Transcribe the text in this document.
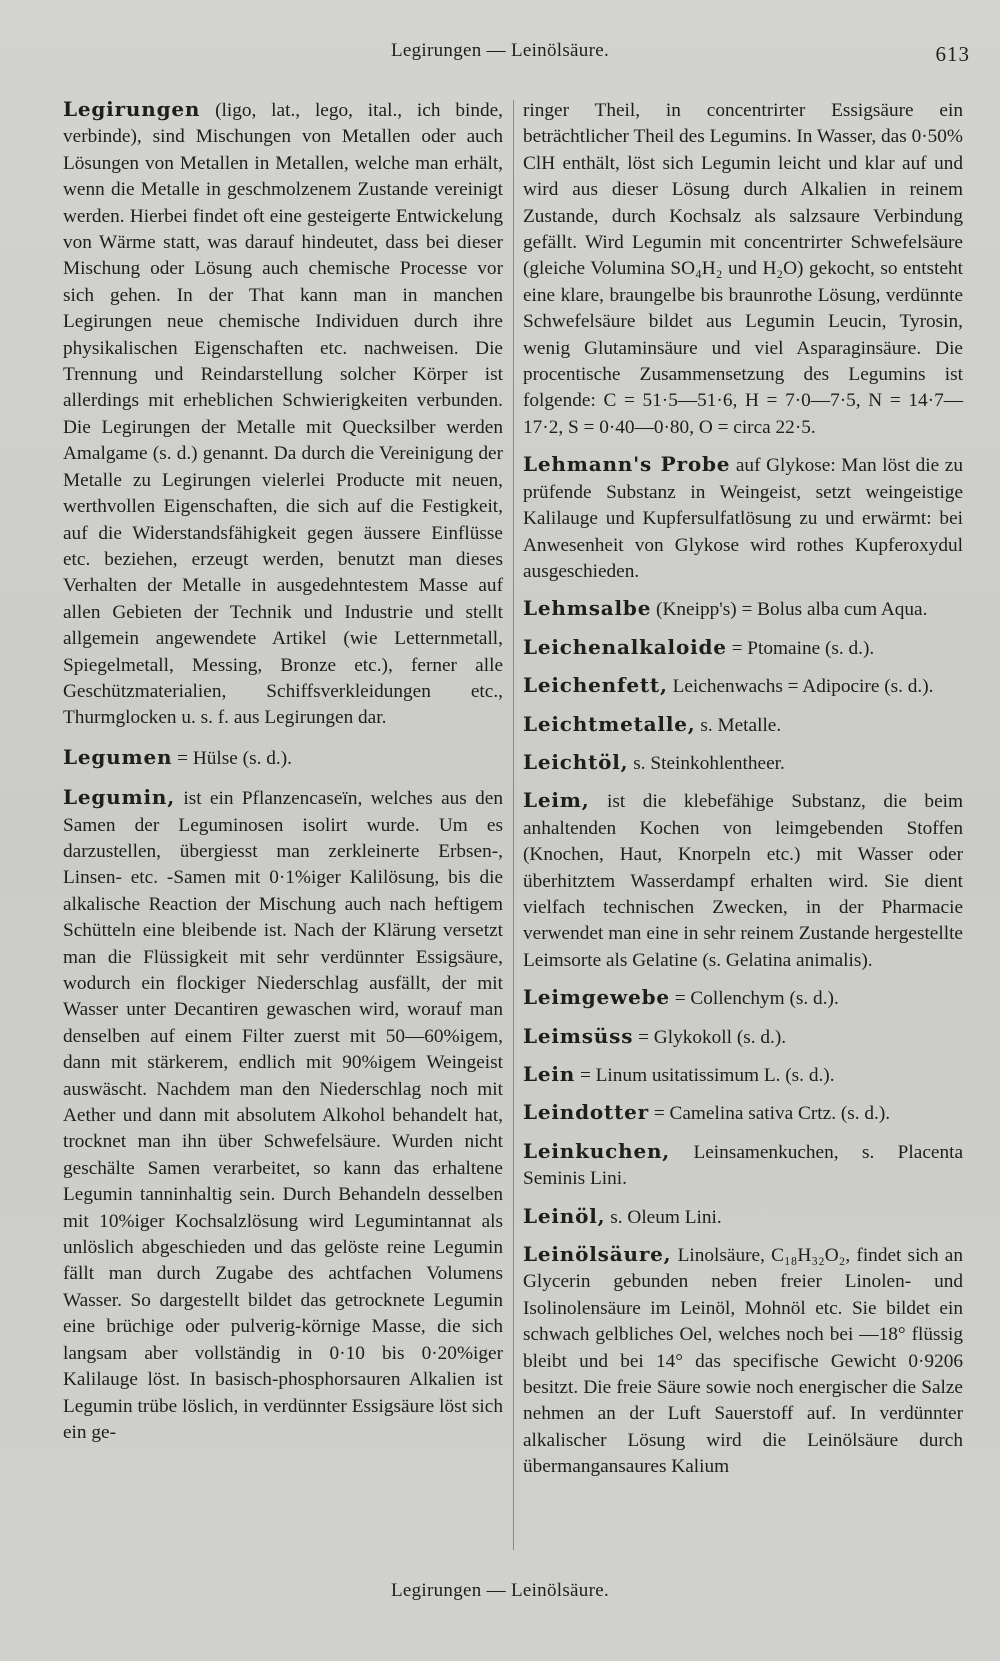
Legirungen — Leinölsäure.	613

Legirungen (ligo, lat., lego, ital., ich binde, verbinde), sind Mischungen von Metallen oder auch Lösungen von Metallen in Metallen, welche man erhält, wenn die Metalle in geschmolzenem Zustande vereinigt werden. Hierbei findet oft eine gesteigerte Entwickelung von Wärme statt, was darauf hindeutet, dass bei dieser Mischung oder Lösung auch chemische Processe vor sich gehen. In der That kann man in manchen Legirungen neue chemische Individuen durch ihre physikalischen Eigenschaften etc. nachweisen. Die Trennung und Reindarstellung solcher Körper ist allerdings mit erheblichen Schwierigkeiten verbunden. Die Legirungen der Metalle mit Quecksilber werden Amalgame (s. d.) genannt. Da durch die Vereinigung der Metalle zu Legirungen vielerlei Producte mit neuen, werthvollen Eigenschaften, die sich auf die Festigkeit, auf die Widerstandsfähigkeit gegen äussere Einflüsse etc. beziehen, erzeugt werden, benutzt man dieses Verhalten der Metalle in ausgedehntestem Masse auf allen Gebieten der Technik und Industrie und stellt allgemein angewendete Artikel (wie Letternmetall, Spiegelmetall, Messing, Bronze etc.), ferner alle Geschützmaterialien, Schiffsverkleidungen etc., Thurmglocken u. s. f. aus Legirungen dar.

Legumen = Hülse (s. d.).

Legumin, ist ein Pflanzencaseïn, welches aus den Samen der Leguminosen isolirt wurde. Um es darzustellen, übergiesst man zerkleinerte Erbsen-, Linsen- etc. -Samen mit 0·1%iger Kalilösung, bis die alkalische Reaction der Mischung auch nach heftigem Schütteln eine bleibende ist. Nach der Klärung versetzt man die Flüssigkeit mit sehr verdünnter Essigsäure, wodurch ein flockiger Niederschlag ausfällt, der mit Wasser unter Decantiren gewaschen wird, worauf man denselben auf einem Filter zuerst mit 50—60%igem, dann mit stärkerem, endlich mit 90%igem Weingeist auswäscht. Nachdem man den Niederschlag noch mit Aether und dann mit absolutem Alkohol behandelt hat, trocknet man ihn über Schwefelsäure. Wurden nicht geschälte Samen verarbeitet, so kann das erhaltene Legumin tanninhaltig sein. Durch Behandeln desselben mit 10%iger Kochsalzlösung wird Legumintannat als unlöslich abgeschieden und das gelöste reine Legumin fällt man durch Zugabe des achtfachen Volumens Wasser. So dargestellt bildet das getrocknete Legumin eine brüchige oder pulverig-körnige Masse, die sich langsam aber vollständig in 0·10 bis 0·20%iger Kalilauge löst. In basisch-phosphorsauren Alkalien ist Legumin trübe löslich, in verdünnter Essigsäure löst sich ein ge-

ringer Theil, in concentrirter Essigsäure ein beträchtlicher Theil des Legumins. In Wasser, das 0·50% ClH enthält, löst sich Legumin leicht und klar auf und wird aus dieser Lösung durch Alkalien in reinem Zustande, durch Kochsalz als salzsaure Verbindung gefällt. Wird Legumin mit concentrirter Schwefelsäure (gleiche Volumina SO₄H₂ und H₂O) gekocht, so entsteht eine klare, braungelbe bis braunrothe Lösung, verdünnte Schwefelsäure bildet aus Legumin Leucin, Tyrosin, wenig Glutaminsäure und viel Asparaginsäure. Die procentische Zusammensetzung des Legumins ist folgende: C = 51·5—51·6, H = 7·0—7·5, N = 14·7—17·2, S = 0·40—0·80, O = circa 22·5.

Lehmann's Probe auf Glykose: Man löst die zu prüfende Substanz in Weingeist, setzt weingeistige Kalilauge und Kupfersulfatlösung zu und erwärmt: bei Anwesenheit von Glykose wird rothes Kupferoxydul ausgeschieden.

Lehmsalbe (Kneipp's) = Bolus alba cum Aqua.

Leichenalkaloide = Ptomaine (s. d.).

Leichenfett, Leichenwachs = Adipocire (s. d.).

Leichtmetalle, s. Metalle.

Leichtöl, s. Steinkohlentheer.

Leim, ist die klebefähige Substanz, die beim anhaltenden Kochen von leimgebenden Stoffen (Knochen, Haut, Knorpeln etc.) mit Wasser oder überhitztem Wasserdampf erhalten wird. Sie dient vielfach technischen Zwecken, in der Pharmacie verwendet man eine in sehr reinem Zustande hergestellte Leimsorte als Gelatine (s. Gelatina animalis).

Leimgewebe = Collenchym (s. d.).

Leimsüss = Glykokoll (s. d.).

Lein = Linum usitatissimum L. (s. d.).

Leindotter = Camelina sativa Crtz. (s. d.).

Leinkuchen, Leinsamenkuchen, s. Placenta Seminis Lini.

Leinöl, s. Oleum Lini.

Leinölsäure, Linolsäure, C₁₈H₃₂O₂, findet sich an Glycerin gebunden neben freier Linolen- und Isolinolensäure im Leinöl, Mohnöl etc. Sie bildet ein schwach gelbliches Oel, welches noch bei —18° flüssig bleibt und bei 14° das specifische Gewicht 0·9206 besitzt. Die freie Säure sowie noch energischer die Salze nehmen an der Luft Sauerstoff auf. In verdünnter alkalischer Lösung wird die Leinölsäure durch übermangansaures Kalium

Legirungen — Leinölsäure.
